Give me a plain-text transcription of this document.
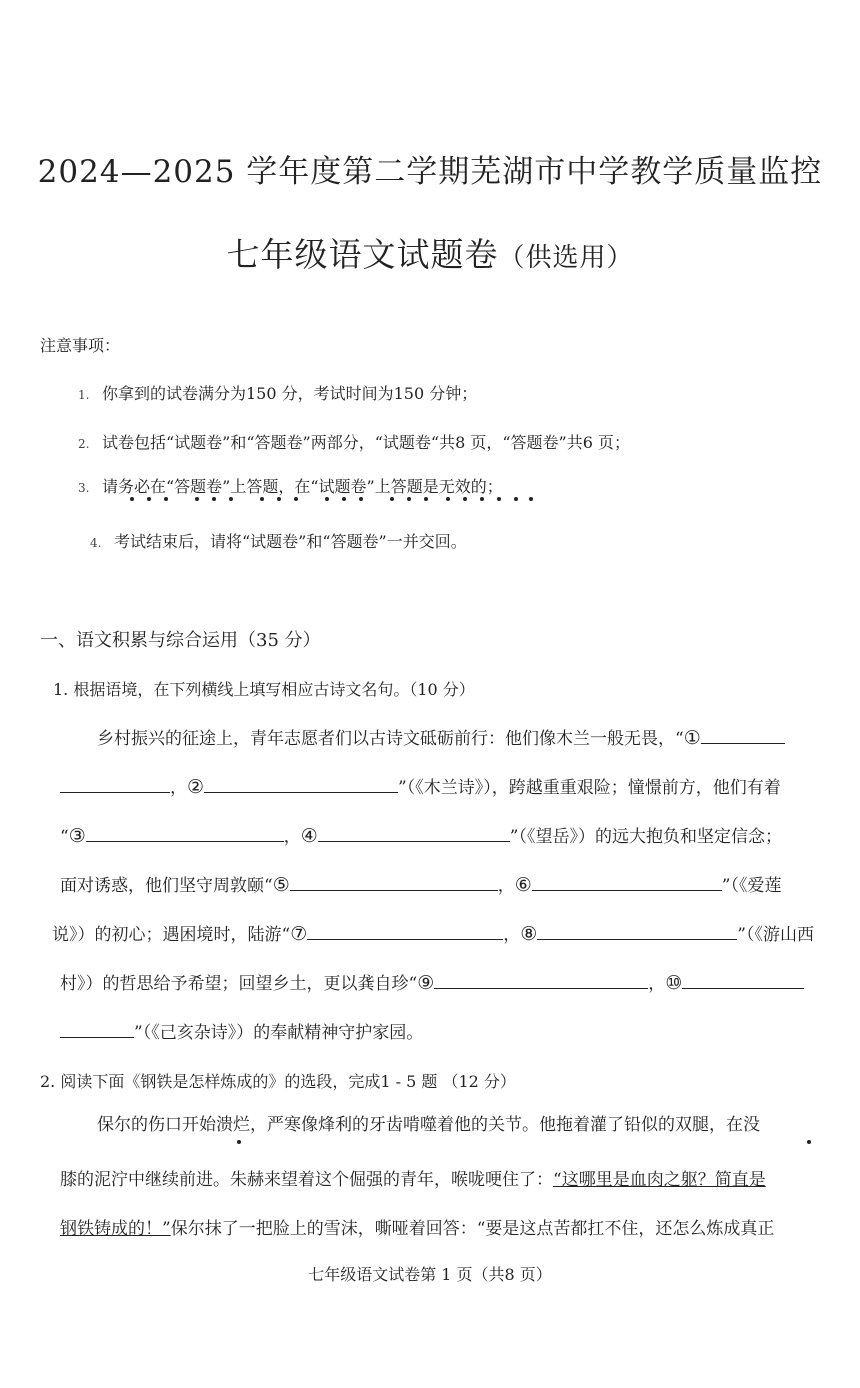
2024—2025 学年度第二学期芜湖市中学教学质量监控
七年级语文试题卷（供选用）
注意事项：
1. 你拿到的试卷满分为150 分，考试时间为150 分钟；
2. 试卷包括“试题卷”和“答题卷”两部分，“试题卷“共8 页，“答题卷”共6 页；
3. 请务必在“答题卷”上答题，在“试题卷”上答题是无效的；
4. 考试结束后，请将“试题卷”和“答题卷”一并交回。
一、语文积累与综合运用（35 分）
1. 根据语境，在下列横线上填写相应古诗文名句。（10 分）
乡村振兴的征途上，青年志愿者们以古诗文砥砺前行：他们像木兰一般无畏，“①
，②	”（《木兰诗》），跨越重重艰险；憧憬前方，他们有着
“③	，④	”（《望岳》）的远大抱负和坚定信念；
面对诱惑，他们坚守周敦颐“⑤	，⑥	”（《爱莲
说》）的初心；遇困境时，陆游“⑦	，⑧	”（《游山西
村》）的哲思给予希望；回望乡土，更以龚自珍“⑨	，⑩
”（《己亥杂诗》）的奉献精神守护家园。
2. 阅读下面《钢铁是怎样炼成的》的选段，完成1 - 5 题 （12 分）
保尔的伤口开始溃烂，严寒像烽利的牙齿啃噬着他的关节。他拖着灌了铅似的双腿，在没
膝的泥泞中继续前进。朱赫来望着这个倔强的青年，喉咙哽住了：“这哪里是血肉之躯？简直是
钢铁铸成的！”保尔抹了一把脸上的雪沫，嘶哑着回答：“要是这点苦都扛不住，还怎么炼成真正
七年级语文试卷第 1 页（共8 页）
